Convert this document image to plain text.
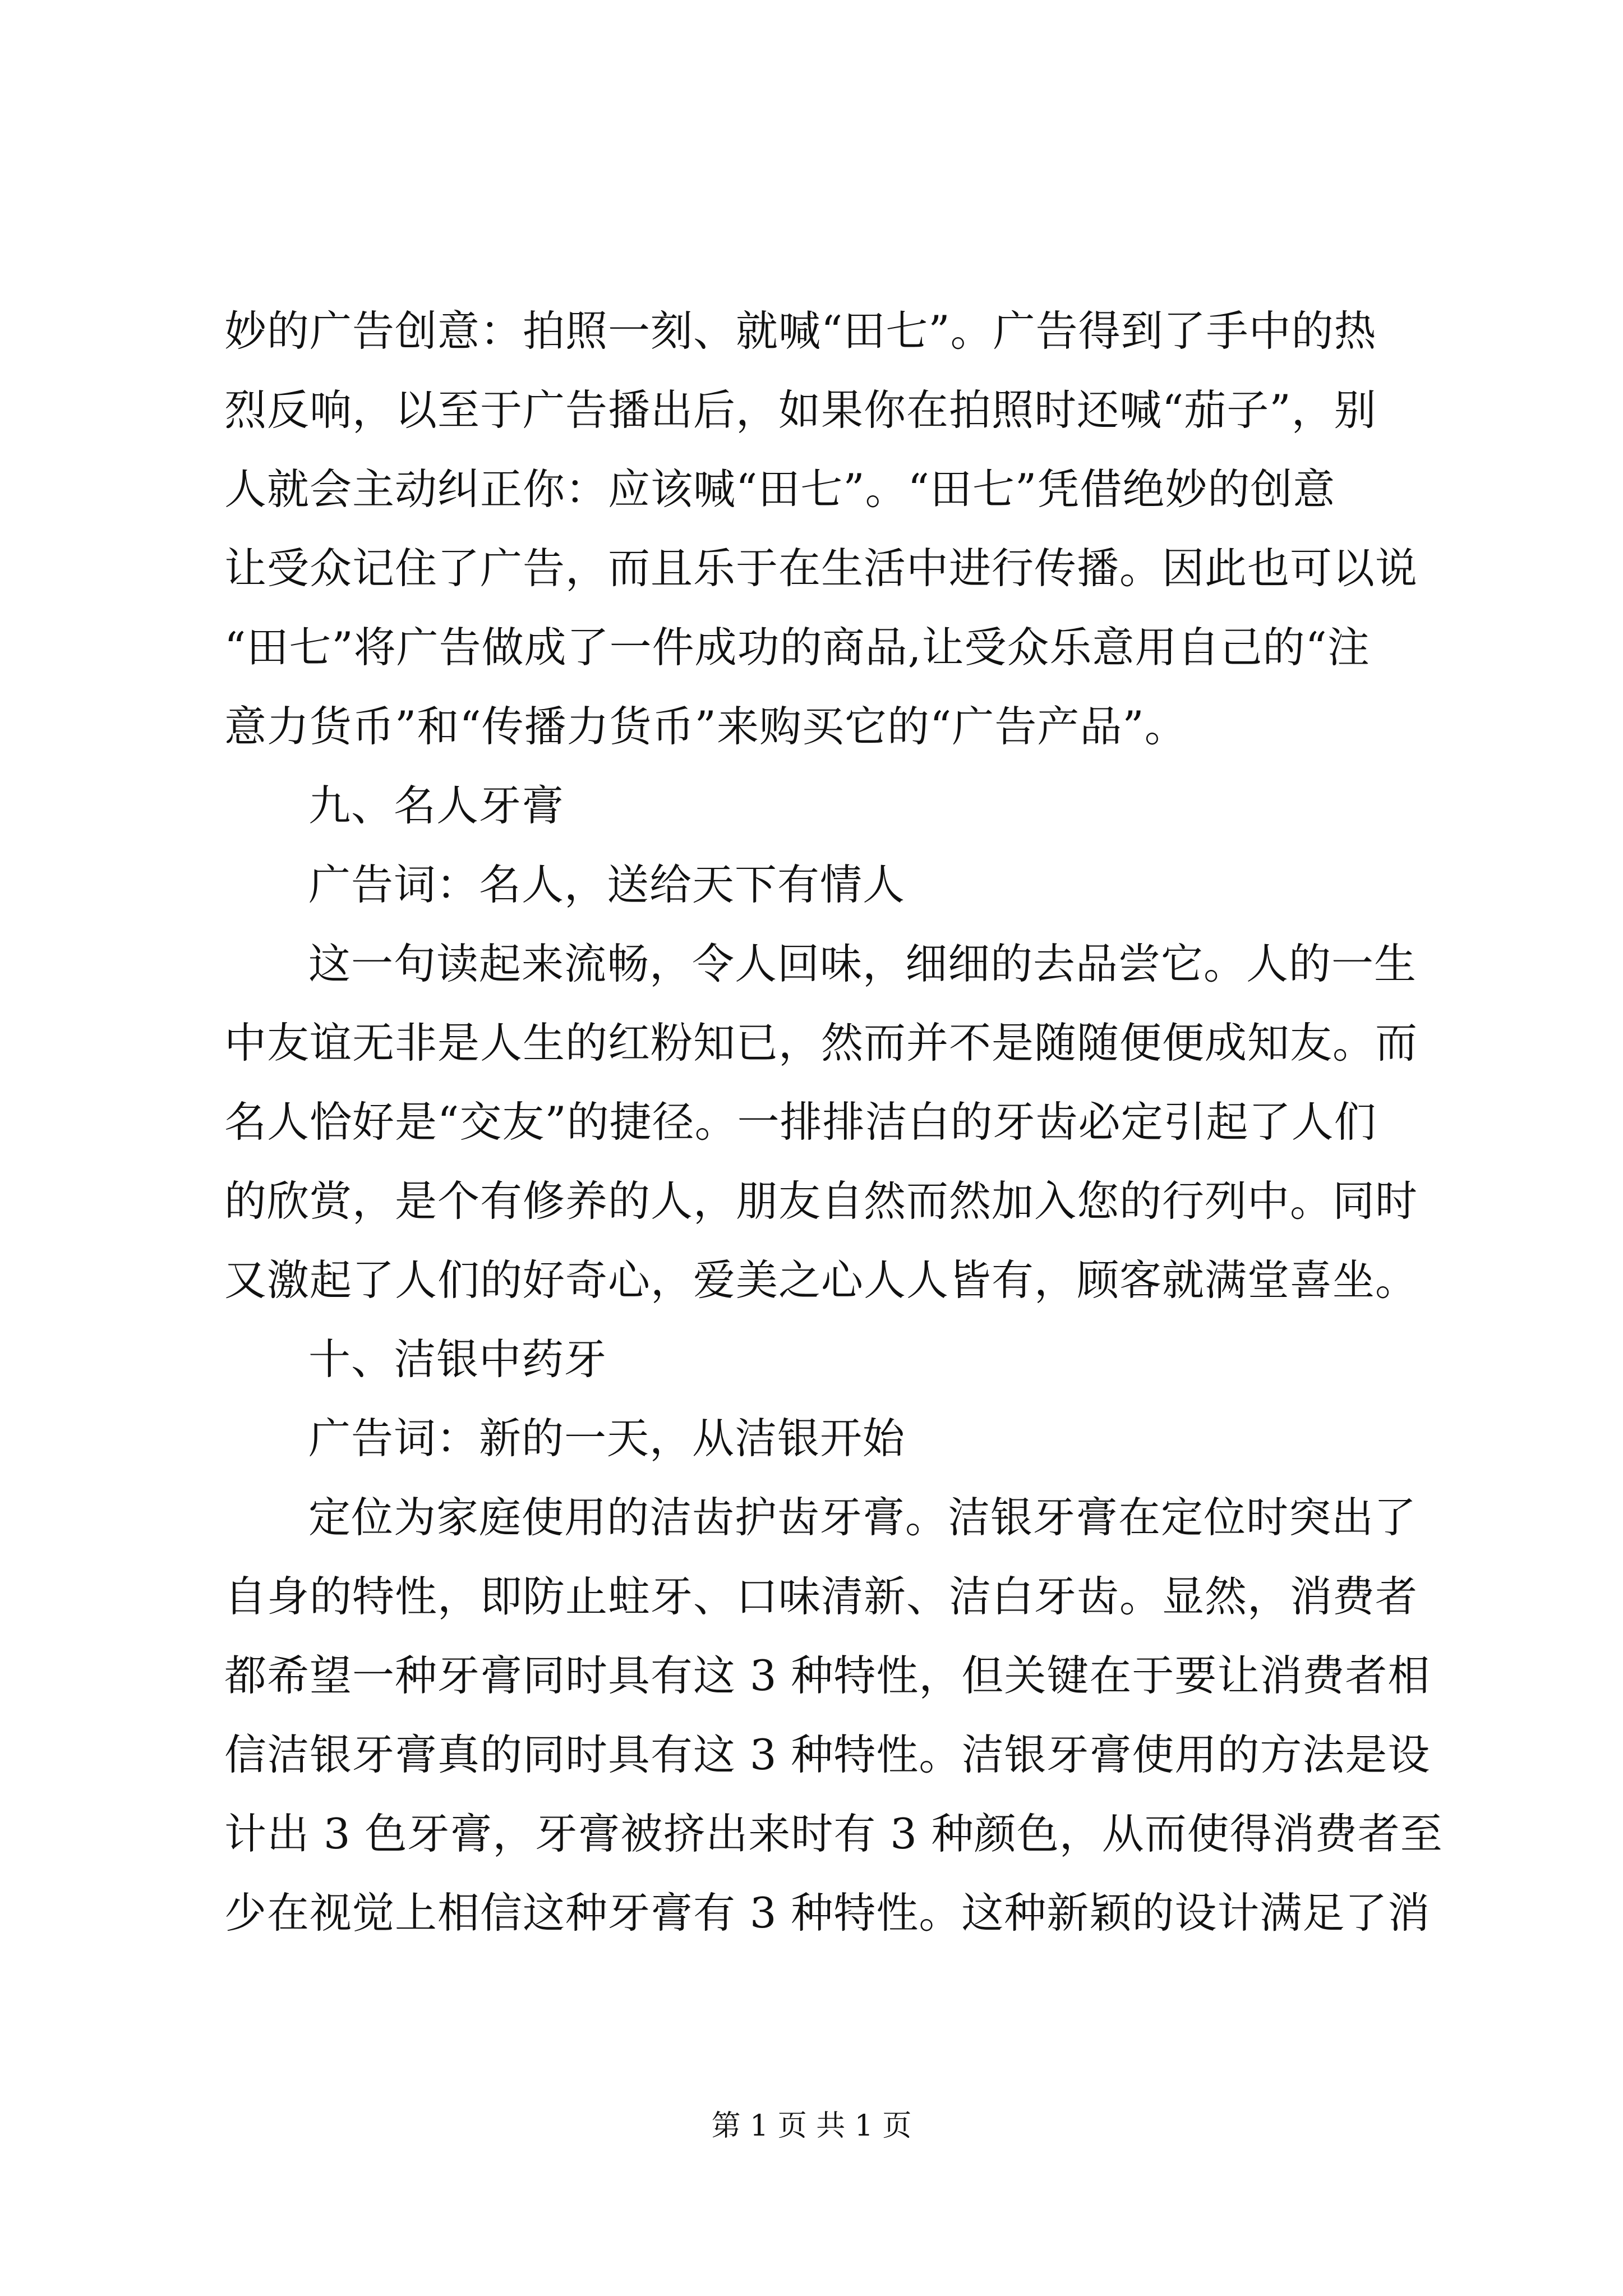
妙的广告创意：拍照一刻、就喊“田七”。广告得到了手中的热
烈反响，以至于广告播出后，如果你在拍照时还喊“茄子”，别
人就会主动纠正你：应该喊“田七”。“田七”凭借绝妙的创意
让受众记住了广告，而且乐于在生活中进行传播。因此也可以说
“田七”将广告做成了一件成功的商品,让受众乐意用自己的“注
意力货币”和“传播力货币”来购买它的“广告产品”。
九、名人牙膏
广告词：名人，送给天下有情人
这一句读起来流畅，令人回味，细细的去品尝它。人的一生
中友谊无非是人生的红粉知已，然而并不是随随便便成知友。而
名人恰好是“交友”的捷径。一排排洁白的牙齿必定引起了人们
的欣赏，是个有修养的人，朋友自然而然加入您的行列中。同时
又激起了人们的好奇心，爱美之心人人皆有，顾客就满堂喜坐。
十、洁银中药牙
广告词：新的一天，从洁银开始
定位为家庭使用的洁齿护齿牙膏。洁银牙膏在定位时突出了
自身的特性，即防止蛀牙、口味清新、洁白牙齿。显然，消费者
都希望一种牙膏同时具有这 3 种特性，但关键在于要让消费者相
信洁银牙膏真的同时具有这 3 种特性。洁银牙膏使用的方法是设
计出 3 色牙膏，牙膏被挤出来时有 3 种颜色，从而使得消费者至
少在视觉上相信这种牙膏有 3 种特性。这种新颖的设计满足了消
第 1 页 共 1 页
